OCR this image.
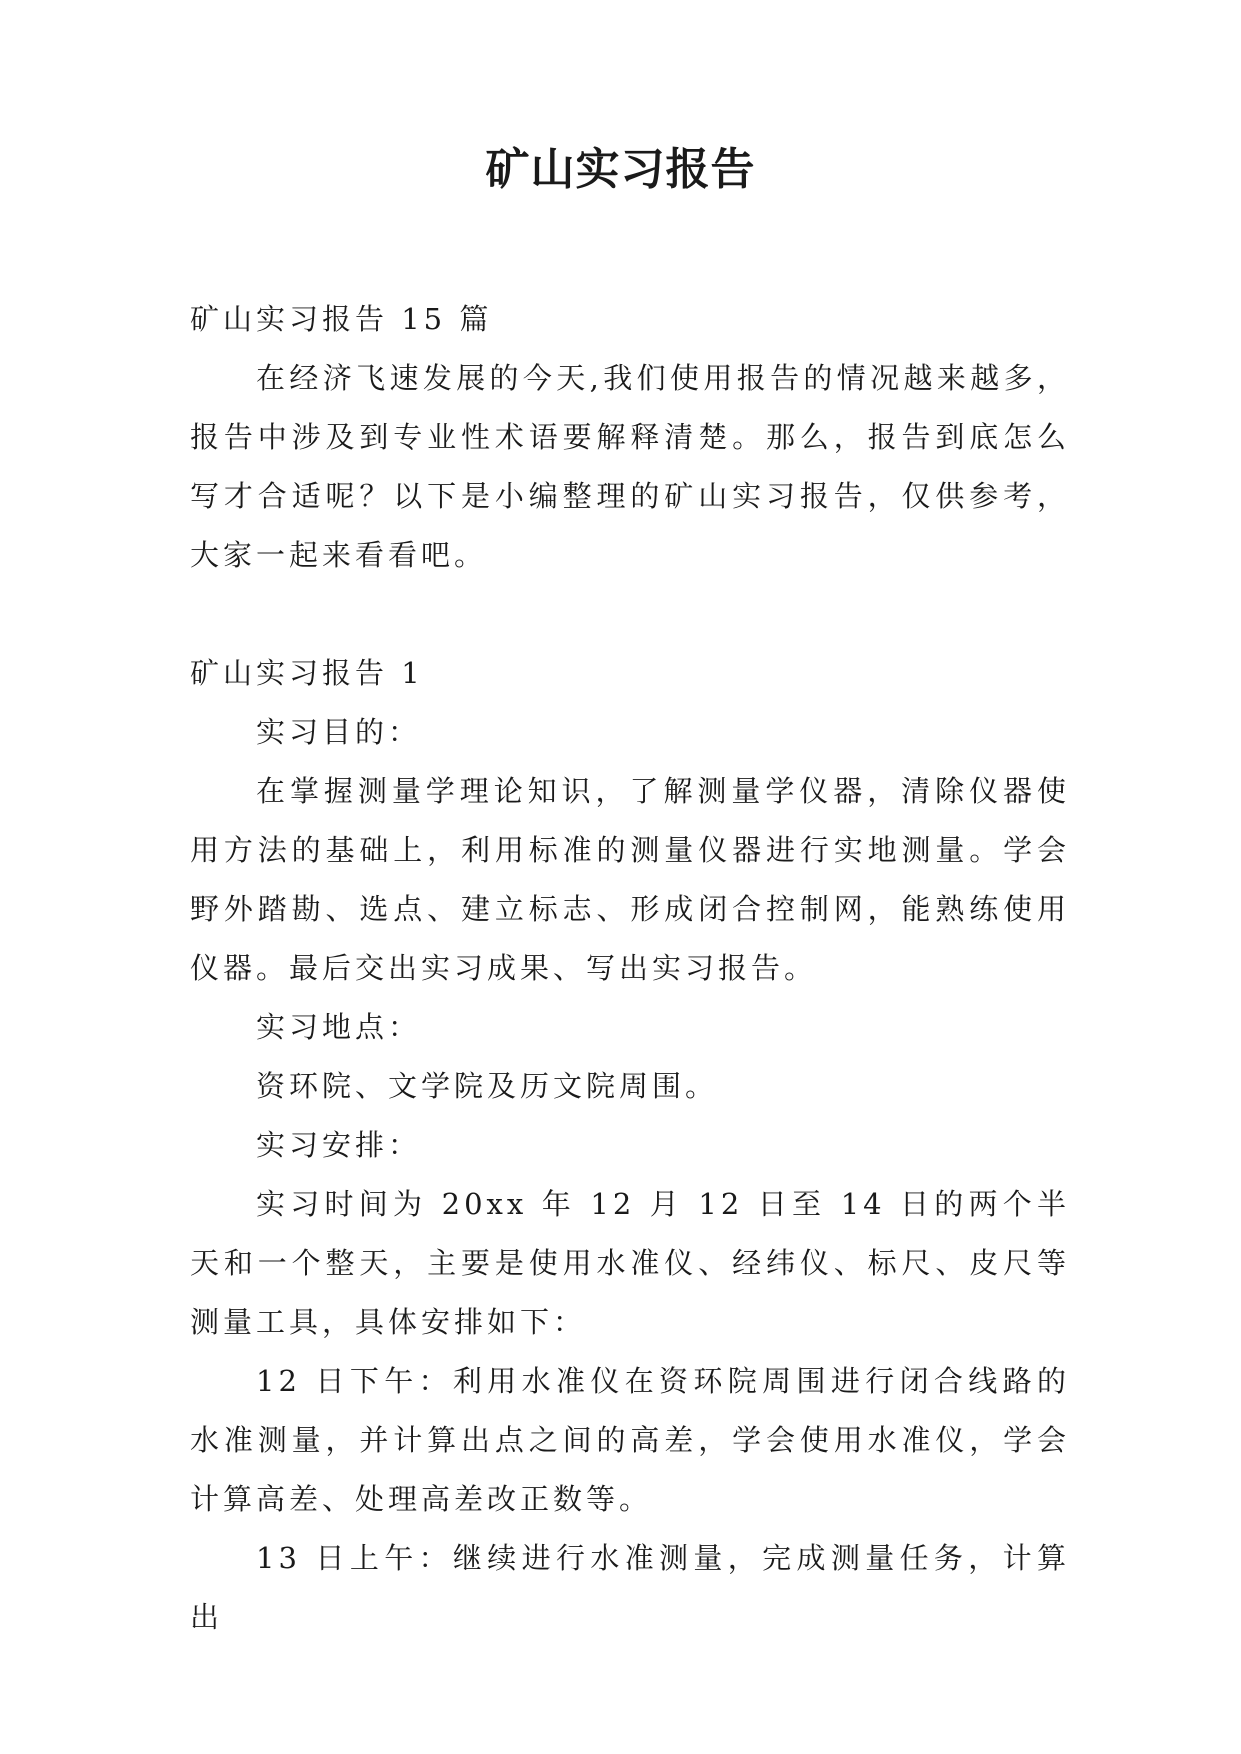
矿山实习报告

矿山实习报告 15 篇

在经济飞速发展的今天,我们使用报告的情况越来越多，报告中涉及到专业性术语要解释清楚。那么，报告到底怎么写才合适呢？以下是小编整理的矿山实习报告，仅供参考，大家一起来看看吧。

矿山实习报告 1

实习目的：

在掌握测量学理论知识，了解测量学仪器，清除仪器使用方法的基础上，利用标准的测量仪器进行实地测量。学会野外踏勘、选点、建立标志、形成闭合控制网，能熟练使用仪器。最后交出实习成果、写出实习报告。

实习地点：

资环院、文学院及历文院周围。

实习安排：

实习时间为 20xx 年 12 月 12 日至 14 日的两个半天和一个整天，主要是使用水准仪、经纬仪、标尺、皮尺等测量工具，具体安排如下：

12 日下午：利用水准仪在资环院周围进行闭合线路的水准测量，并计算出点之间的高差，学会使用水准仪，学会计算高差、处理高差改正数等。

13 日上午：继续进行水准测量，完成测量任务，计算出
